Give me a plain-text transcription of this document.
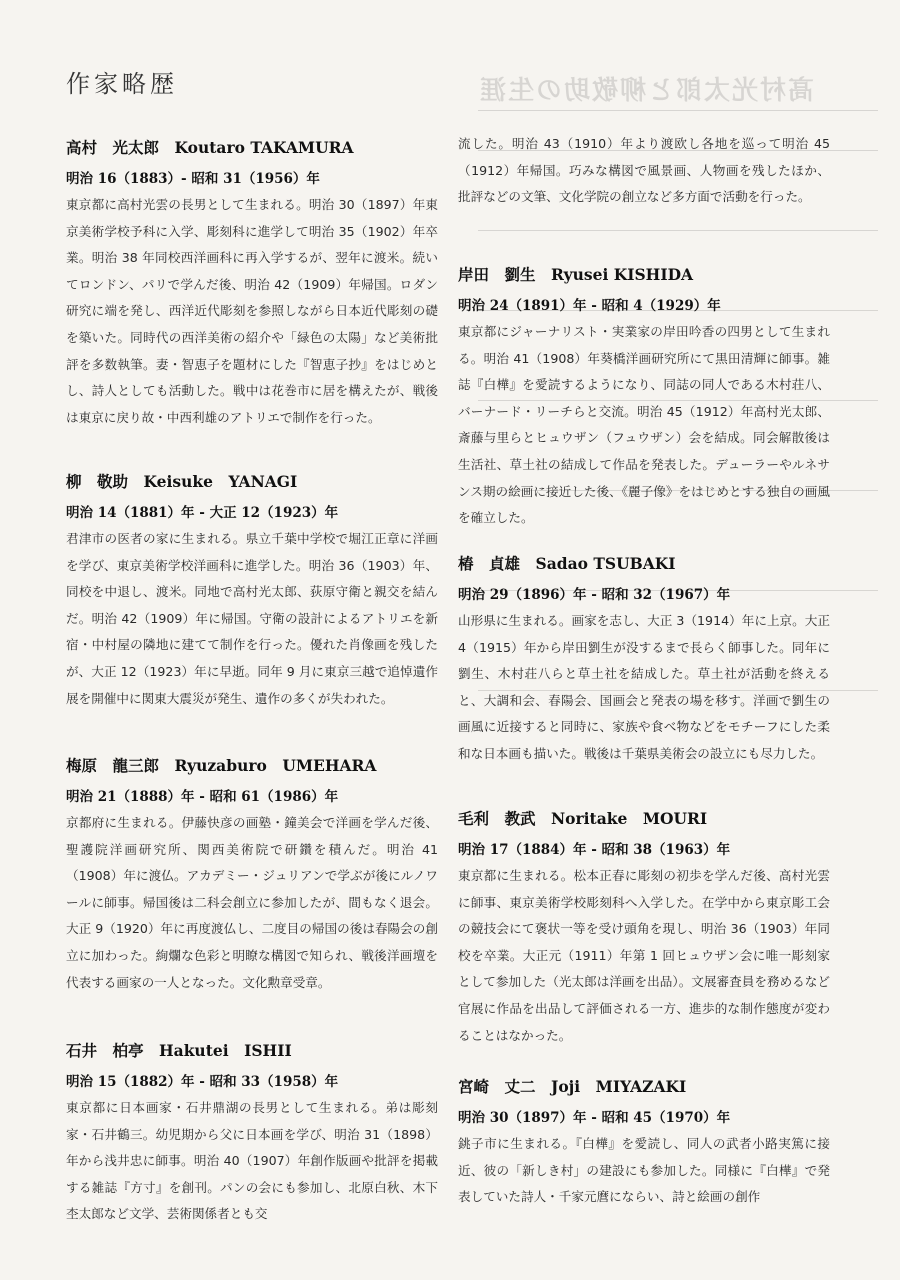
高村光太郎と柳敬助の生涯
作家略歴
高村　光太郎　Koutaro TAKAMURA
明治 16（1883）- 昭和 31（1956）年
東京都に高村光雲の長男として生まれる。明治 30（1897）年東京美術学校予科に入学、彫刻科に進学して明治 35（1902）年卒業。明治 38 年同校西洋画科に再入学するが、翌年に渡米。続いてロンドン、パリで学んだ後、明治 42（1909）年帰国。ロダン研究に端を発し、西洋近代彫刻を参照しながら日本近代彫刻の礎を築いた。同時代の西洋美術の紹介や「緑色の太陽」など美術批評を多数執筆。妻・智恵子を題材にした『智恵子抄』をはじめとし、詩人としても活動した。戦中は花巻市に居を構えたが、戦後は東京に戻り故・中西利雄のアトリエで制作を行った。
柳　敬助　Keisuke　YANAGI
明治 14（1881）年 - 大正 12（1923）年
君津市の医者の家に生まれる。県立千葉中学校で堀江正章に洋画を学び、東京美術学校洋画科に進学した。明治 36（1903）年、同校を中退し、渡米。同地で高村光太郎、荻原守衛と親交を結んだ。明治 42（1909）年に帰国。守衛の設計によるアトリエを新宿・中村屋の隣地に建てて制作を行った。優れた肖像画を残したが、大正 12（1923）年に早逝。同年 9 月に東京三越で追悼遺作展を開催中に関東大震災が発生、遺作の多くが失われた。
梅原　龍三郎　Ryuzaburo　UMEHARA
明治 21（1888）年 - 昭和 61（1986）年
京都府に生まれる。伊藤快彦の画塾・鐘美会で洋画を学んだ後、聖護院洋画研究所、関西美術院で研鑽を積んだ。明治 41（1908）年に渡仏。アカデミー・ジュリアンで学ぶが後にルノワールに師事。帰国後は二科会創立に参加したが、間もなく退会。大正 9（1920）年に再度渡仏し、二度目の帰国の後は春陽会の創立に加わった。絢爛な色彩と明瞭な構図で知られ、戦後洋画壇を代表する画家の一人となった。文化勲章受章。
石井　柏亭　Hakutei　ISHII
明治 15（1882）年 - 昭和 33（1958）年
東京都に日本画家・石井鼎湖の長男として生まれる。弟は彫刻家・石井鶴三。幼児期から父に日本画を学び、明治 31（1898）年から浅井忠に師事。明治 40（1907）年創作版画や批評を掲載する雑誌『方寸』を創刊。パンの会にも参加し、北原白秋、木下杢太郎など文学、芸術関係者とも交
流した。明治 43（1910）年より渡欧し各地を巡って明治 45（1912）年帰国。巧みな構図で風景画、人物画を残したほか、批評などの文筆、文化学院の創立など多方面で活動を行った。
岸田　劉生　Ryusei KISHIDA
明治 24（1891）年 - 昭和 4（1929）年
東京都にジャーナリスト・実業家の岸田吟香の四男として生まれる。明治 41（1908）年葵橋洋画研究所にて黒田清輝に師事。雑誌『白樺』を愛読するようになり、同誌の同人である木村荘八、バーナード・リーチらと交流。明治 45（1912）年高村光太郎、斎藤与里らとヒュウザン（フュウザン）会を結成。同会解散後は生活社、草土社の結成して作品を発表した。デューラーやルネサンス期の絵画に接近した後、《麗子像》をはじめとする独自の画風を確立した。
椿　貞雄　Sadao TSUBAKI
明治 29（1896）年 - 昭和 32（1967）年
山形県に生まれる。画家を志し、大正 3（1914）年に上京。大正 4（1915）年から岸田劉生が没するまで長らく師事した。同年に劉生、木村荘八らと草土社を結成した。草土社が活動を終えると、大調和会、春陽会、国画会と発表の場を移す。洋画で劉生の画風に近接すると同時に、家族や食べ物などをモチーフにした柔和な日本画も描いた。戦後は千葉県美術会の設立にも尽力した。
毛利　教武　Noritake　MOURI
明治 17（1884）年 - 昭和 38（1963）年
東京都に生まれる。松本正春に彫刻の初歩を学んだ後、高村光雲に師事、東京美術学校彫刻科へ入学した。在学中から東京彫工会の競技会にて褒状一等を受け頭角を現し、明治 36（1903）年同校を卒業。大正元（1911）年第 1 回ヒュウザン会に唯一彫刻家として参加した（光太郎は洋画を出品）。文展審査員を務めるなど官展に作品を出品して評価される一方、進歩的な制作態度が変わることはなかった。
宮崎　丈二　Joji　MIYAZAKI
明治 30（1897）年 - 昭和 45（1970）年
銚子市に生まれる。『白樺』を愛読し、同人の武者小路実篤に接近、彼の「新しき村」の建設にも参加した。同様に『白樺』で発表していた詩人・千家元麿にならい、詩と絵画の創作
